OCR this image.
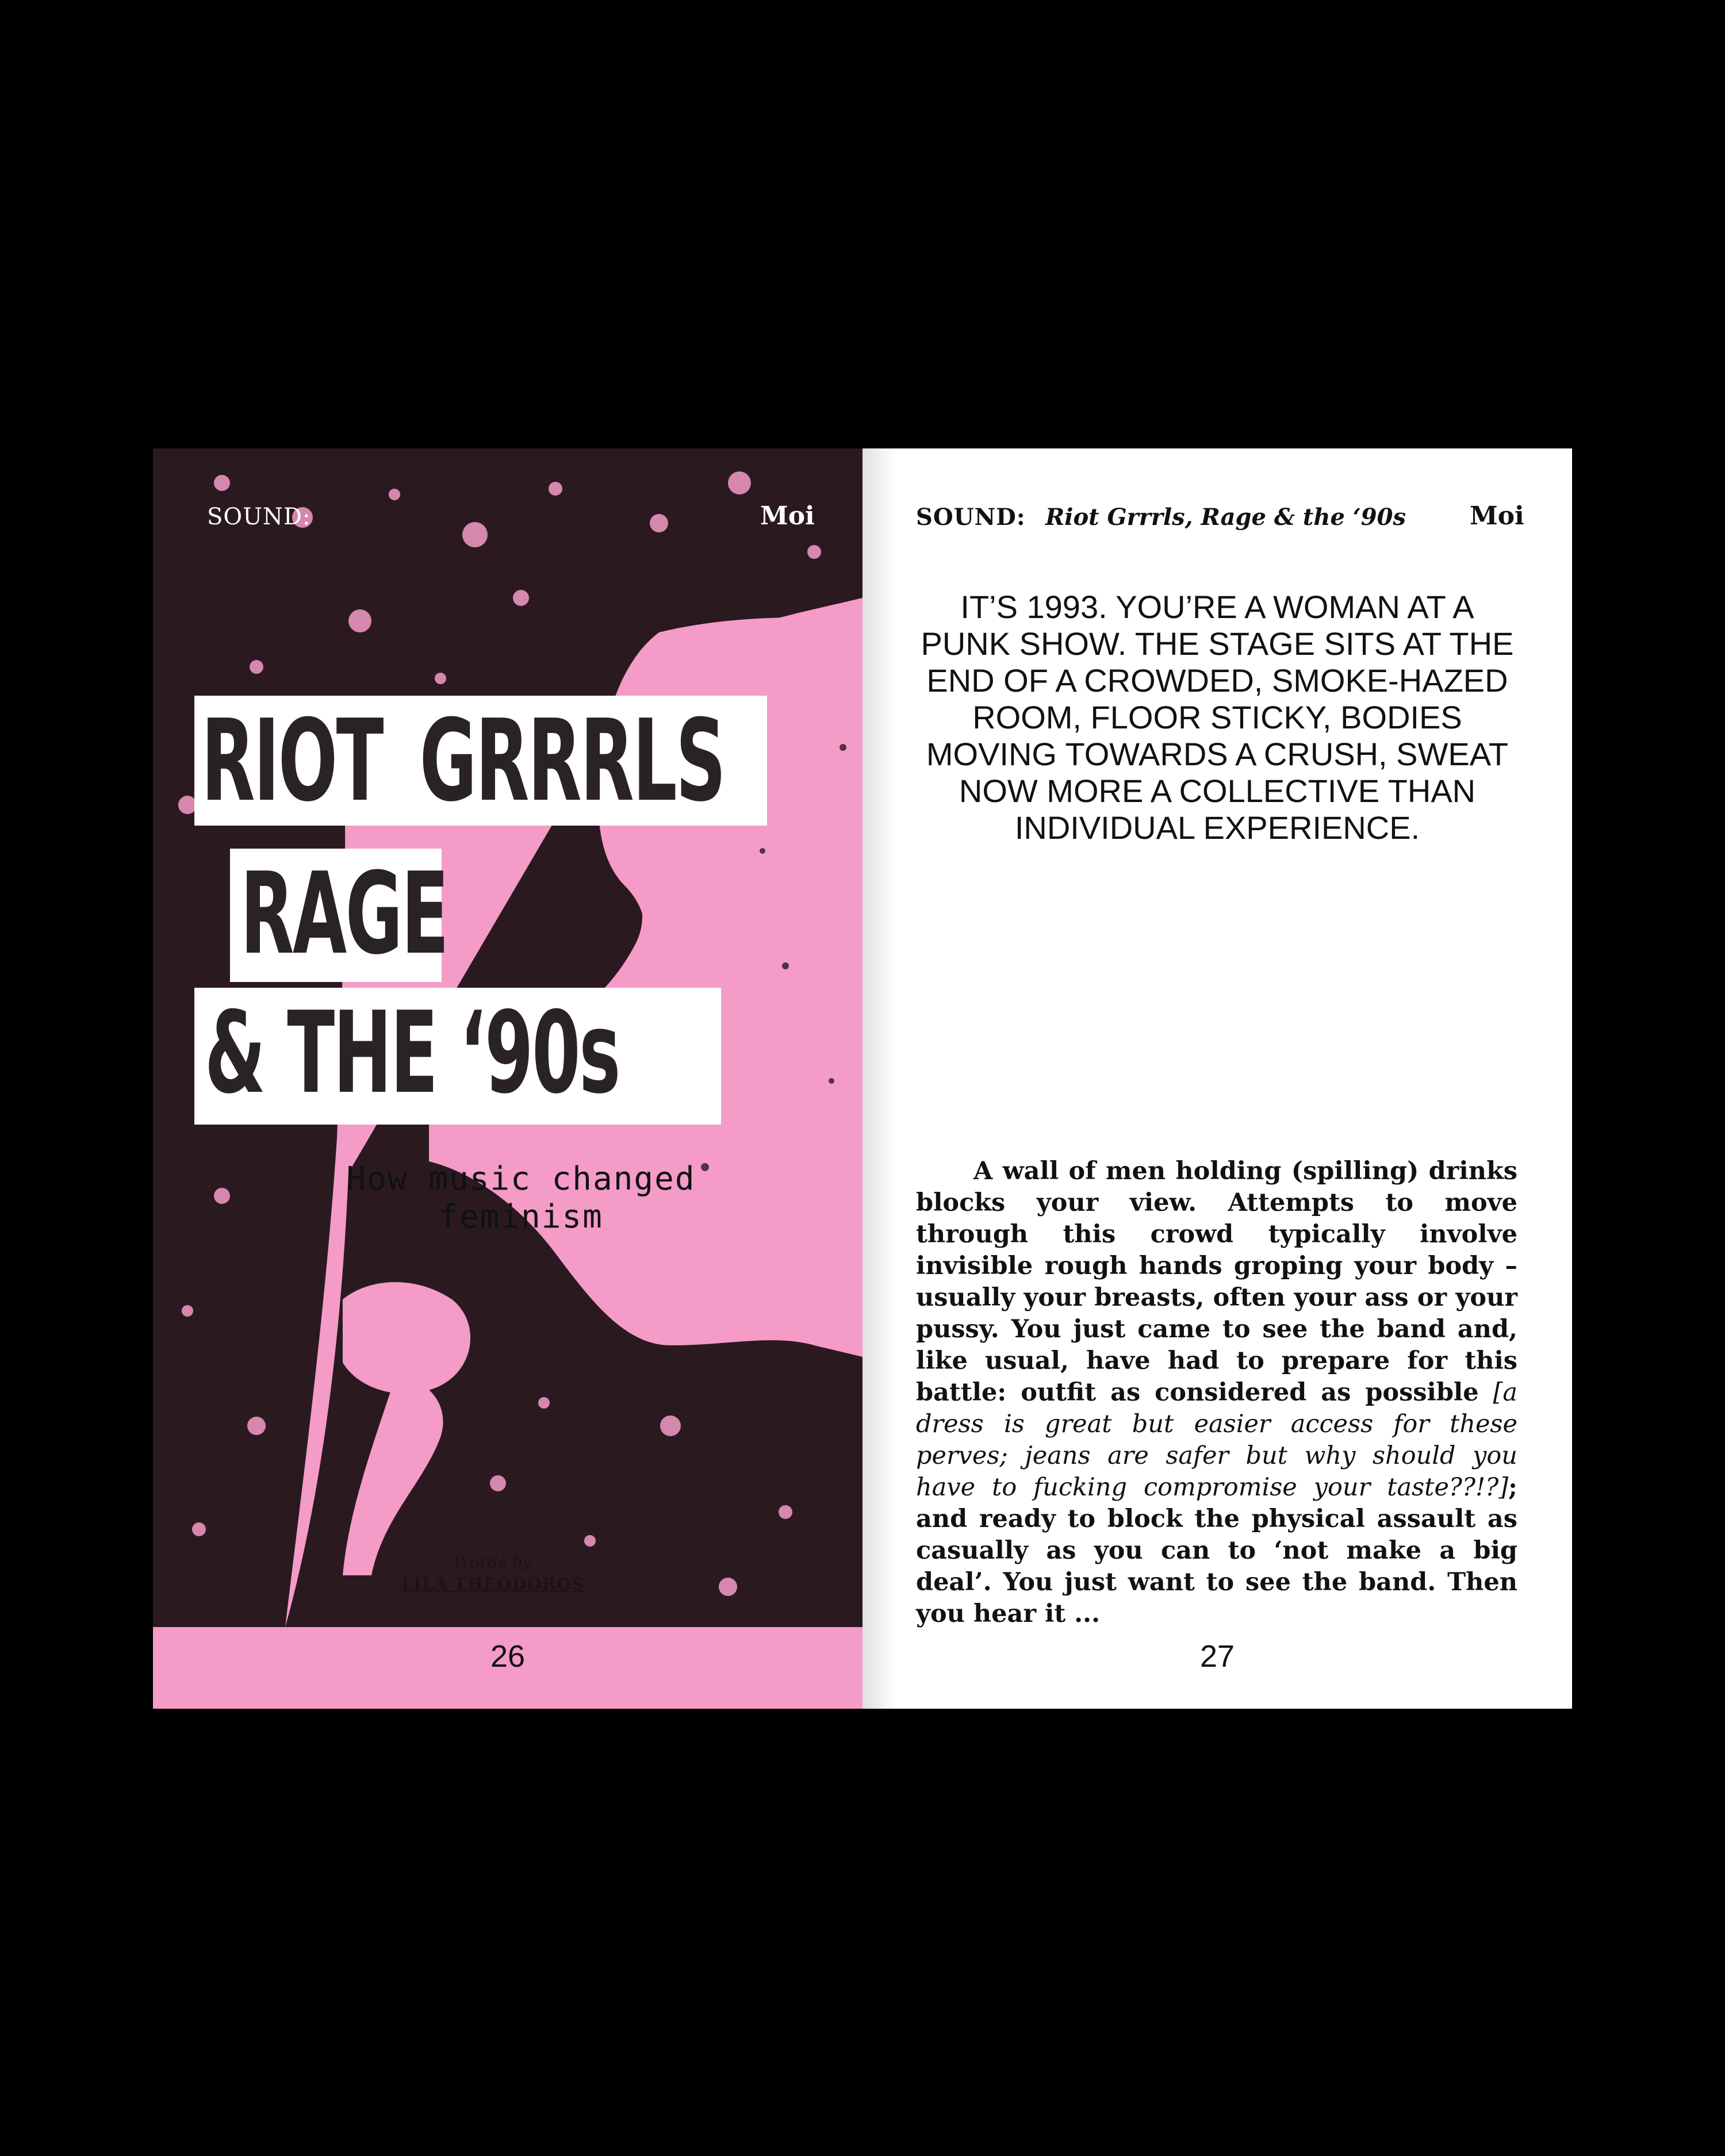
SOUND:	Moi
RIOT GRRRLS
RAGE
& THE ‘90s
How music changed feminism
Words by
LILA THEODOROS
26
SOUND: Riot Grrrls, Rage & the ‘90s	Moi
IT’S 1993. YOU’RE A WOMAN AT A PUNK SHOW. THE STAGE SITS AT THE END OF A CROWDED, SMOKE-HAZED ROOM, FLOOR STICKY, BODIES MOVING TOWARDS A CRUSH, SWEAT NOW MORE A COLLECTIVE THAN INDIVIDUAL EXPERIENCE.

A wall of men holding (spilling) drinks blocks your view. Attempts to move through this crowd typically involve invisible rough hands groping your body – usually your breasts, often your ass or your pussy. You just came to see the band and, like usual, have had to prepare for this battle: outfit as considered as possible [a dress is great but easier access for these perves; jeans are safer but why should you have to fucking compromise your taste??!?]; and ready to block the physical assault as casually as you can to ‘not make a big deal’. You just want to see the band. Then you hear it ...

27
